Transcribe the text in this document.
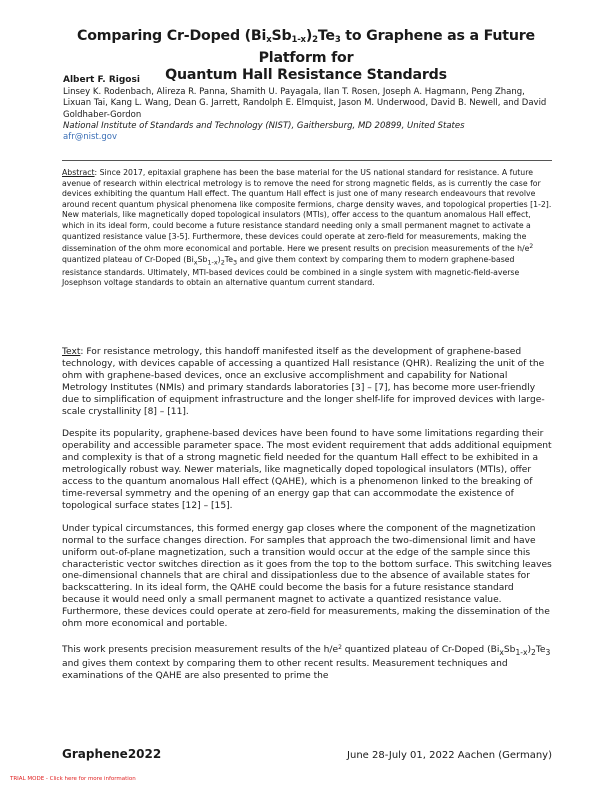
Comparing Cr-Doped $(Bi_xSb_{1-x})_2Te_3$ to Graphene as a Future Platform for
Quantum Hall Resistance Standards
Albert F. Rigosi
Linsey K. Rodenbach, Alireza R. Panna, Shamith U. Payagala, Ilan T. Rosen, Joseph A. Hagmann, Peng Zhang, Lixuan Tai, Kang L. Wang, Dean G. Jarrett, Randolph E. Elmquist, Jason M. Underwood, David B. Newell, and David Goldhaber-Gordon
National Institute of Standards and Technology (NIST), Gaithersburg, MD 20899, United States
afr@nist.gov
Abstract: Since 2017, epitaxial graphene has been the base material for the US national standard for resistance. A future avenue of research within electrical metrology is to remove the need for strong magnetic fields, as is currently the case for devices exhibiting the quantum Hall effect. The quantum Hall effect is just one of many research endeavours that revolve around recent quantum physical phenomena like composite fermions, charge density waves, and topological properties [1-2]. New materials, like magnetically doped topological insulators (MTIs), offer access to the quantum anomalous Hall effect, which in its ideal form, could become a future resistance standard needing only a small permanent magnet to activate a quantized resistance value [3-5]. Furthermore, these devices could operate at zero-field for measurements, making the dissemination of the ohm more economical and portable. Here we present results on precision measurements of the $h/e^2$ quantized plateau of Cr-Doped $(Bi_xSb_{1-x})_2Te_3$ and give them context by comparing them to modern graphene-based resistance standards. Ultimately, MTI-based devices could be combined in a single system with magnetic-field-averse Josephson voltage standards to obtain an alternative quantum current standard.

Text: For resistance metrology, this handoff manifested itself as the development of graphene-based technology, with devices capable of accessing a quantized Hall resistance (QHR). Realizing the unit of the ohm with graphene-based devices, once an exclusive accomplishment and capability for National Metrology Institutes (NMIs) and primary standards laboratories [3] – [7], has become more user-friendly due to simplification of equipment infrastructure and the longer shelf-life for improved devices with large-scale crystallinity [8] – [11].

Despite its popularity, graphene-based devices have been found to have some limitations regarding their operability and accessible parameter space. The most evident requirement that adds additional equipment and complexity is that of a strong magnetic field needed for the quantum Hall effect to be exhibited in a metrologically robust way. Newer materials, like magnetically doped topological insulators (MTIs), offer access to the quantum anomalous Hall effect (QAHE), which is a phenomenon linked to the breaking of time-reversal symmetry and the opening of an energy gap that can accommodate the existence of topological surface states [12] – [15].

Under typical circumstances, this formed energy gap closes where the component of the magnetization normal to the surface changes direction. For samples that approach the two-dimensional limit and have uniform out-of-plane magnetization, such a transition would occur at the edge of the sample since this characteristic vector switches direction as it goes from the top to the bottom surface. This switching leaves one-dimensional channels that are chiral and dissipationless due to the absence of available states for backscattering. In its ideal form, the QAHE could become the basis for a future resistance standard because it would need only a small permanent magnet to activate a quantized resistance value. Furthermore, these devices could operate at zero-field for measurements, making the dissemination of the ohm more economical and portable.

This work presents precision measurement results of the $h/e^2$ quantized plateau of Cr-Doped $(Bi_xSb_{1-x})_2Te_3$ and gives them context by comparing them to other recent results. Measurement techniques and examinations of the QAHE are also presented to prime the

Graphene2022	June 28-July 01, 2022 Aachen (Germany)
TRIAL MODE - Click here for more information
